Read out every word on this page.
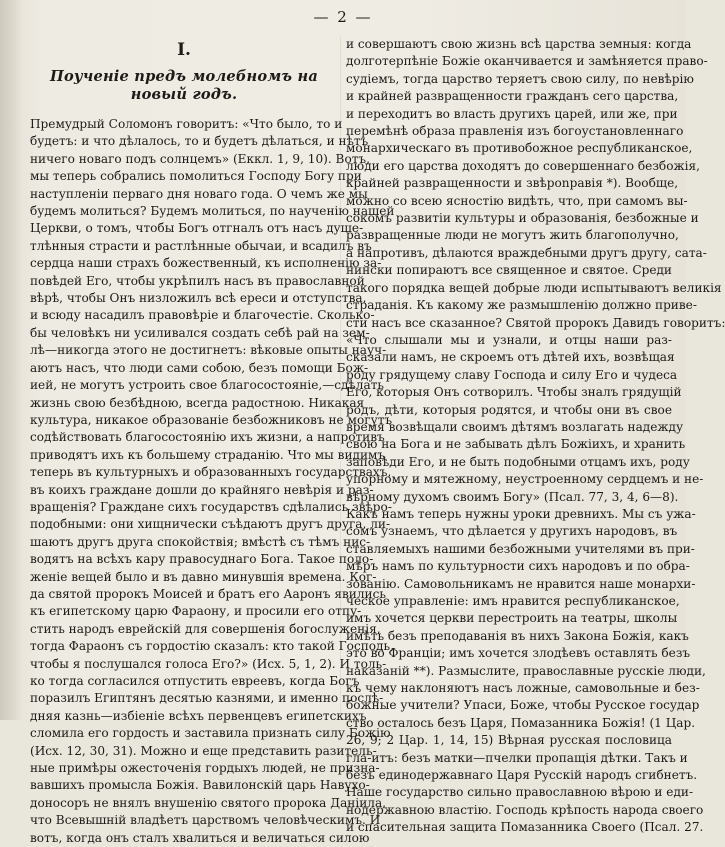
— 2 —
I.
Поученіе предъ молебномъ на новый годъ.
Премудрый Соломонъ говоритъ: «Что было, то и
будетъ: и что дѣлалось, то и будетъ дѣлаться, и нѣтъ
ничего новаго подъ солнцемъ» (Еккл. 1, 9, 10). Вотъ,
мы теперь собрались помолиться Господу Богу при
наступленіи перваго дня новаго года. О чемъ же мы
будемъ молиться? Будемъ молиться, по наученію нашей
Церкви, о томъ, чтобы Богъ отгналъ отъ насъ душе-
тлѣнныя страсти и растлѣнные обычаи, и всадилъ въ
сердца наши страхъ божественный, къ исполненію за-
повѣдей Его, чтобы укрѣпилъ насъ въ православной
вѣрѣ, чтобы Онъ низложилъ всѣ ереси и отступства,
и всюду насадилъ правовѣріе и благочестіе. Сколько-
бы человѣкъ ни усиливался создать себѣ рай на зем-
лѣ—никогда этого не достигнетъ: вѣковые опыты науч-
аютъ насъ, что люди сами собою, безъ помощи Бож-
ией, не могутъ устроить свое благосостояніе,—сдѣлать
жизнь свою безбѣдною, всегда радостною. Никакая
культура, никакое образованіе безбожниковъ не могутъ
содѣйствовать благосостоянію ихъ жизни, а напротивъ
приводятъ ихъ къ большему страданію. Что мы видимъ
теперь въ культурныхъ и образованныхъ государствахъ,
въ коихъ граждане дошли до крайняго невѣрія и раз-
вращенія? Граждане сихъ государствъ сдѣлались звѣро-
подобными: они хищнически съѣдаютъ другъ друга, ли-
шаютъ другъ друга спокойствія; вмѣстѣ съ тѣмъ нис-
водятъ на всѣхъ кару правосуднаго Бога. Такое поло-
женіе вещей было и въ давно минувшія времена. Ког-
да святой пророкъ Моисей и братъ его Ааронъ явились
къ египетскому царю Фараону, и просили его отпу-
стить народъ еврейскій для совершенія богослуженія,
тогда Фараонъ съ гордостію сказалъ: кто такой Господь,
чтобы я послушался голоса Его?» (Исх. 5, 1, 2). И толь-
ко тогда согласился отпустить евреевъ, когда Богъ
поразилъ Египтянъ десятью казнями, и именно послѣ-
дняя казнь—избіеніе всѣхъ первенцевъ египетскихъ
сломила его гордость и заставила признать силу Божію
(Исх. 12, 30, 31). Можно и еще представить разитель-
ные примѣры ожесточенія гордыхъ людей, не призна-
вавшихъ промысла Божія. Вавилонскій царь Навухо-
доносоръ не внялъ внушенію святого пророка Даніила,
что Всевышній владѣетъ царствомъ человѣческимъ. И
вотъ, когда онъ сталъ хвалиться и величаться силою
и совершаютъ свою жизнь всѣ царства земныя: когда
долготерпѣніе Божіе оканчивается и замѣняется право-
судіемъ, тогда царство теряетъ свою силу, по невѣрію
и крайней развращенности гражданъ сего царства,
и переходитъ во власть другихъ царей, или же, при
перемѣнѣ образа правленія изъ богоустановленнаго
монархическаго въ противобожное республиканское,
люди его царства доходятъ до совершеннаго безбожія,
крайней развращенности и звѣрonравія *). Вообще,
можно со всею ясностію видѣть, что, при самомъ вы-
сокомъ развитіи культуры и образованія, безбожные и
развращенные люди не могутъ жить благополучно,
а напротивъ, дѣлаются враждебными другъ другу, сата-
нински попираютъ все священное и святое. Среди
такого порядка вещей добрые люди испытываютъ великія
страданія. Къ какому же размышленію должно приве-
сти насъ все сказанное? Святой пророкъ Давидъ говоритъ:
«Что слышали мы и узнали, и отцы наши раз-
сказали намъ, не скроемъ отъ дѣтей ихъ, возвѣщая
роду грядущему славу Господа и силу Его и чудеса
Его, которыя Онъ сотворилъ. Чтобы зналъ грядущій
родъ, дѣти, которыя родятся, и чтобы они въ свое
время возвѣщали своимъ дѣтямъ возлагать надежду
свою на Бога и не забывать дѣлъ Божіихъ, и хранить
заповѣди Его, и не быть подобными отцамъ ихъ, роду
упорному и мятежному, неустроенному сердцемъ и не-
вѣрному духомъ своимъ Богу» (Псал. 77, 3, 4, 6—8).
Какъ намъ теперь нужны уроки древнихъ. Мы съ ужа-
сомъ узнаемъ, что дѣлается у другихъ народовъ, въ
ставляемыхъ нашими безбожными учителями въ при-
мѣръ намъ по культурности сихъ народовъ и по обра-
зованію. Самовольникамъ не нравится наше монархи-
ческое управленіе: имъ нравится республиканское,
имъ хочется церкви перестроить на театры, школы
имѣть безъ преподаванія въ нихъ Закона Божія, какъ
это во Франціи; имъ хочется злодѣевъ оставлять безъ
наказаній **). Размыслите, православные русскіе люди,
къ чему наклоняютъ насъ ложные, самовольные и без-
божные учители? Упаси, Боже, чтобы Русское государ
ство осталось безъ Царя, Помазанника Божія! (1 Цар.
26, 9; 2 Цар. 1, 14, 15) Вѣрная русская пословица
гла-итъ: безъ матки—пчелки пропащія дѣтки. Такъ и
безъ единодержавнаго Царя Русскій народъ сгибнетъ.
Наше государство сильно православною вѣрою и еди-
нодержавною властію. Господь крѣпость народа своего
и спасительная защита Помазанника Своего (Псал. 27.
